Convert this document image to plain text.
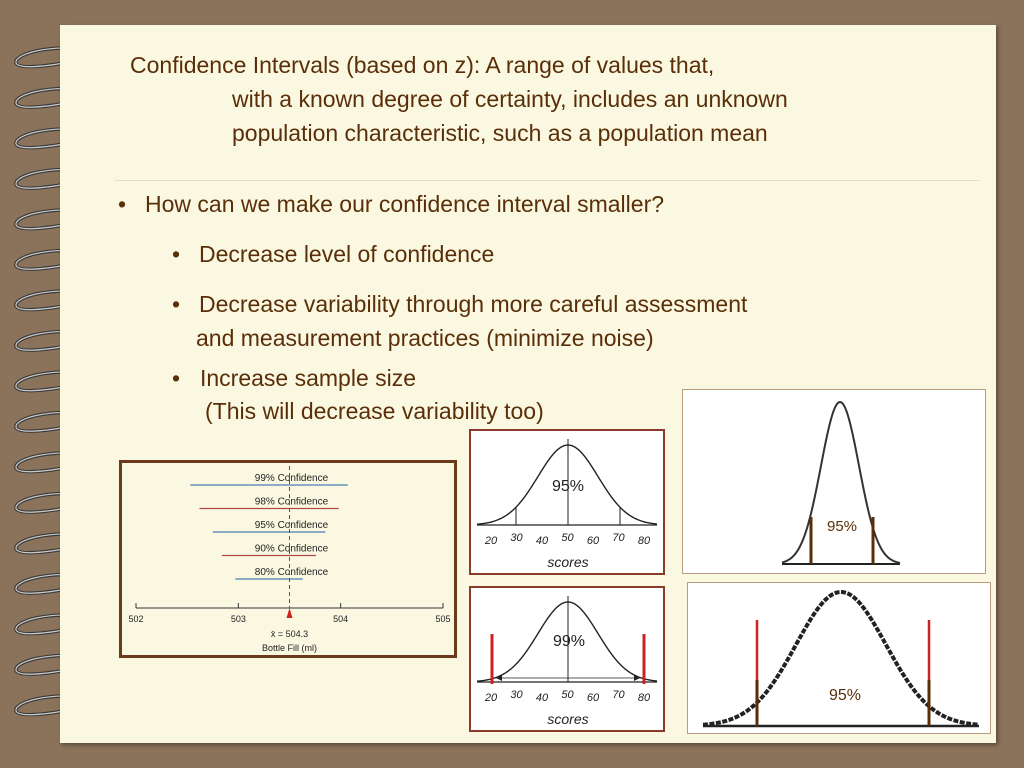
Confidence Intervals (based on z): A range of values that,

with a known degree of certainty, includes an unknown

population characteristic, such as a population mean

• How can we make our confidence interval smaller?

• Decrease level of confidence

• Decrease variability through more careful assessment

and measurement practices (minimize noise)

• Increase sample size

(This will decrease variability too)

99% Confidence
98% Confidence
95% Confidence
90% Confidence
80% Confidence
502	503	504	505
x̄ = 504.3
Bottle Fill (ml)
95%
20 30 40 50 60 70 80
scores
99%
20 30 40 50 60 70 80
scores
95%
95%
